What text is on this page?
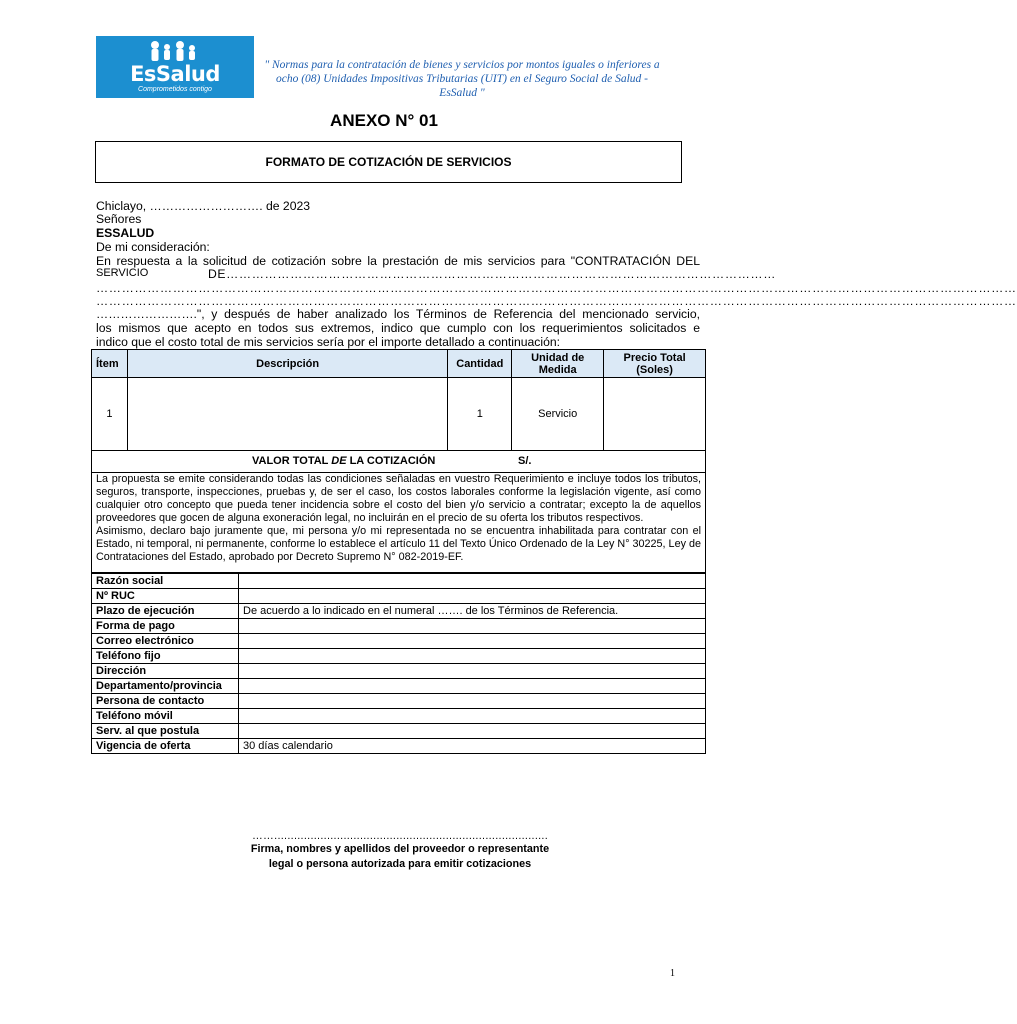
EsSalud
Comprometidos contigo
" Normas para la contratación de bienes y servicios por montos iguales o inferiores a ocho (08) Unidades Impositivas Tributarias (UIT) en el Seguro Social de Salud - EsSalud "
ANEXO N° 01
FORMATO DE COTIZACIÓN DE SERVICIOS
Chiclayo, ………………………. de 2023
Señores
ESSALUD
De mi consideración:
En respuesta a la solicitud de cotización sobre la prestación de mis servicios para "CONTRATACIÓN DEL
SERVICIO	DE…………………………………………………………………………………………………………………
………………………………………………………………………………………………………………………………………………………………………………………………
………………………………………………………………………………………………………………………………………………………………………………………………
…………………….", y después de haber analizado los Términos de Referencia del mencionado servicio,
los mismos que acepto en todos sus extremos, indico que cumplo con los requerimientos solicitados e
indico que el costo total de mis servicios sería por el importe detallado a continuación:
Ítem	Descripción	Cantidad	Unidad de Medida	Precio Total (Soles)
1		1	Servicio	

VALOR TOTAL DE LA COTIZACIÓN S/.				
La propuesta se emite considerando todas las condiciones señaladas en vuestro Requerimiento e incluye todos los tributos, seguros, transporte, inspecciones, pruebas y, de ser el caso, los costos laborales conforme la legislación vigente, así como cualquier otro concepto que pueda tener incidencia sobre el costo del bien y/o servicio a contratar; excepto la de aquellos proveedores que gocen de alguna exoneración legal, no incluirán en el precio de su oferta los tributos respectivos.
Asimismo, declaro bajo juramente que, mi persona y/o mi representada no se encuentra inhabilitada para contratar con el Estado, ni temporal, ni permanente, conforme lo establece el artículo 11 del Texto Único Ordenado de la Ley N° 30225, Ley de Contrataciones del Estado, aprobado por Decreto Supremo N° 082-2019-EF.
Razón social	
Nº RUC	
Plazo de ejecución	De acuerdo a lo indicado en el numeral ……. de los Términos de Referencia.
Forma de pago	
Correo electrónico	
Teléfono fijo	
Dirección	
Departamento/provincia	
Persona de contacto	
Teléfono móvil	
Serv. al que postula	
Vigencia de oferta	30 días calendario
……...................................................................................
Firma, nombres y apellidos del proveedor o representante
legal o persona autorizada para emitir cotizaciones
1
